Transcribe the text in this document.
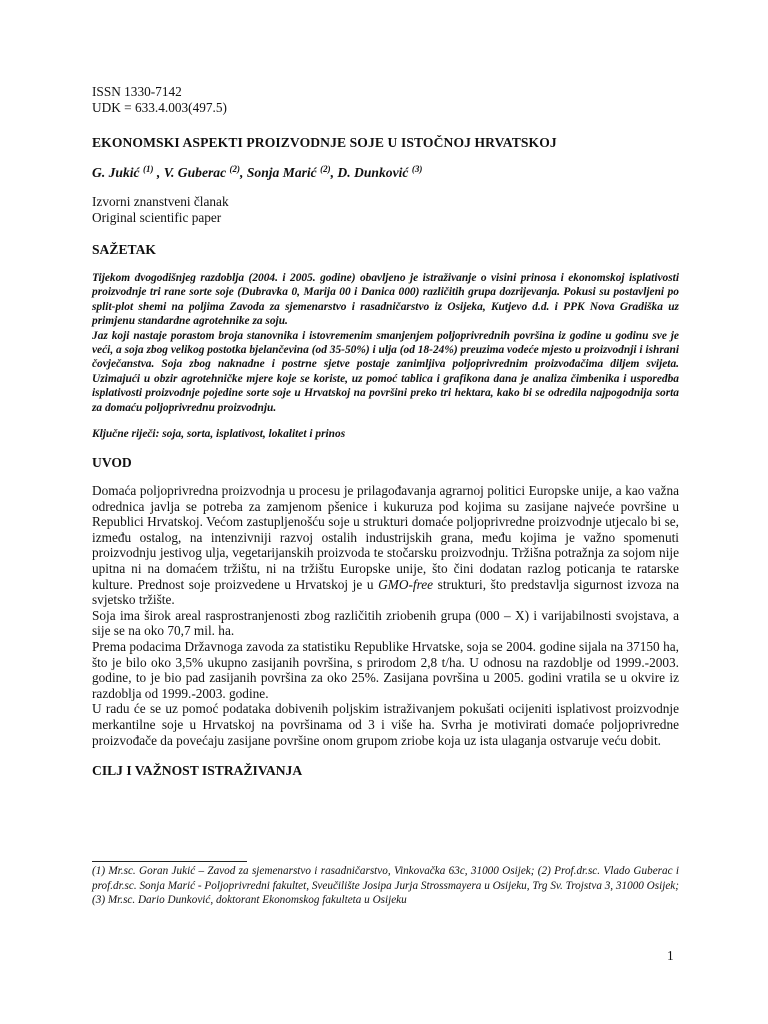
ISSN 1330-7142
UDK = 633.4.003(497.5)
EKONOMSKI ASPEKTI PROIZVODNJE SOJE U ISTOČNOJ HRVATSKOJ
G. Jukić $^{(1)}$ , V. Guberac $^{(2)}$, Sonja Marić $^{(2)}$, D. Dunković $^{(3)}$
Izvorni znanstveni članak
Original scientific paper
SAŽETAK

Tijekom dvogodišnjeg razdoblja (2004. i 2005. godine) obavljeno je istraživanje o visini prinosa i ekonomskoj isplativosti proizvodnje tri rane sorte soje (Dubravka 0, Marija 00 i Danica 000) različitih grupa dozrijevanja. Pokusi su postavljeni po split-plot shemi na poljima Zavoda za sjemenarstvo i rasadničarstvo iz Osijeka, Kutjevo d.d. i PPK Nova Gradiška uz primjenu standardne agrotehnike za soju.

Jaz koji nastaje porastom broja stanovnika i istovremenim smanjenjem poljoprivrednih površina iz godine u godinu sve je veći, a soja zbog velikog postotka bjelančevina (od 35-50%) i ulja (od 18-24%) preuzima vodeće mjesto u proizvodnji i ishrani čovječanstva. Soja zbog naknadne i postrne sjetve postaje zanimljiva poljoprivrednim proizvođačima diljem svijeta. Uzimajući u obzir agrotehničke mjere koje se koriste, uz pomoć tablica i grafikona dana je analiza čimbenika i usporedba isplativosti proizvodnje pojedine sorte soje u Hrvatskoj na površini preko tri hektara, kako bi se odredila najpogodnija sorta za domaću poljoprivrednu proizvodnju.

Ključne riječi: soja, sorta, isplativost, lokalitet i prinos
UVOD

Domaća poljoprivredna proizvodnja u procesu je prilagođavanja agrarnoj politici Europske unije, a kao važna odrednica javlja se potreba za zamjenom pšenice i kukuruza pod kojima su zasijane najveće površine u Republici Hrvatskoj. Većom zastupljenošću soje u strukturi domaće poljoprivredne proizvodnje utjecalo bi se, između ostalog, na intenzivniji razvoj ostalih industrijskih grana, među kojima je važno spomenuti proizvodnju jestivog ulja, vegetarijanskih proizvoda te stočarsku proizvodnju. Tržišna potražnja za sojom nije upitna ni na domaćem tržištu, ni na tržištu Europske unije, što čini dodatan razlog poticanja te ratarske kulture. Prednost soje proizvedene u Hrvatskoj je u GMO-free strukturi, što predstavlja sigurnost izvoza na svjetsko tržište.

Soja ima širok areal rasprostranjenosti zbog različitih zriobenih grupa (000 – X) i varijabilnosti svojstava, a sije se na oko 70,7 mil. ha.

Prema podacima Državnoga zavoda za statistiku Republike Hrvatske, soja se 2004. godine sijala na 37150 ha, što je bilo oko 3,5% ukupno zasijanih površina, s prirodom 2,8 t/ha. U odnosu na razdoblje od 1999.-2003. godine, to je bio pad zasijanih površina za oko 25%. Zasijana površina u 2005. godini vratila se u okvire iz razdoblja od 1999.-2003. godine.

U radu će se uz pomoć podataka dobivenih poljskim istraživanjem pokušati ocijeniti isplativost proizvodnje merkantilne soje u Hrvatskoj na površinama od 3 i više ha. Svrha je motivirati domaće poljoprivredne proizvođače da povećaju zasijane površine onom grupom zriobe koja uz ista ulaganja ostvaruje veću dobit.

CILJ I VAŽNOST ISTRAŽIVANJA
(1) Mr.sc. Goran Jukić – Zavod za sjemenarstvo i rasadničarstvo, Vinkovačka 63c, 31000 Osijek; (2) Prof.dr.sc. Vlado Guberac i prof.dr.sc. Sonja Marić - Poljoprivredni fakultet, Sveučilište Josipa Jurja Strossmayera u Osijeku, Trg Sv. Trojstva 3, 31000 Osijek; (3) Mr.sc. Dario Dunković, doktorant Ekonomskog fakulteta u Osijeku
1
